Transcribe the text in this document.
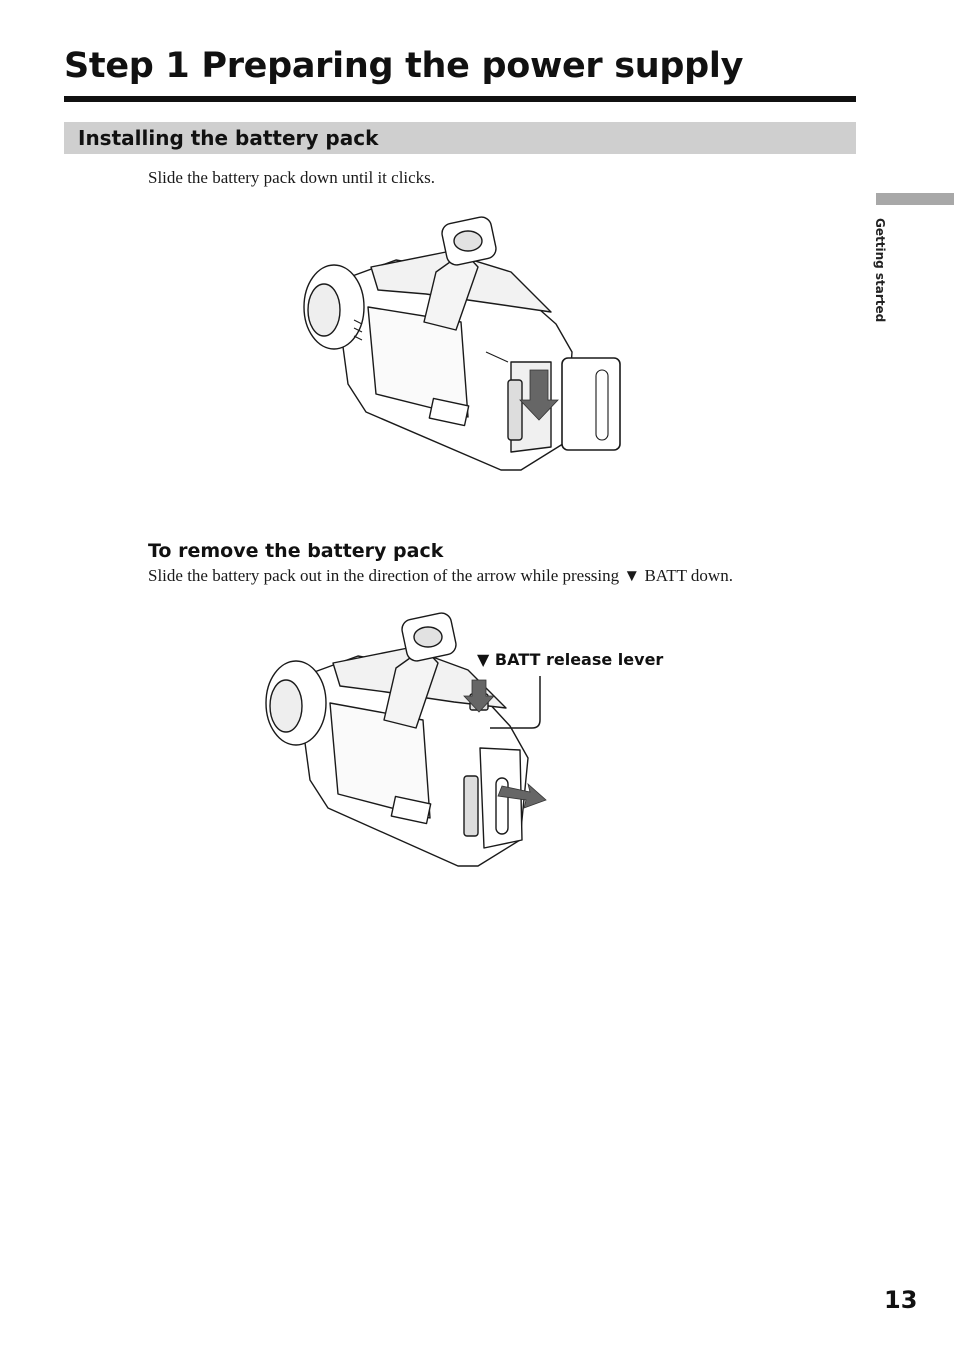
Step 1 Preparing the power supply
Installing the battery pack
Getting started
Slide the battery pack down until it clicks.
To remove the battery pack
Slide the battery pack out in the direction of the arrow while pressing ▼ BATT down.
▼ BATT release lever
13
